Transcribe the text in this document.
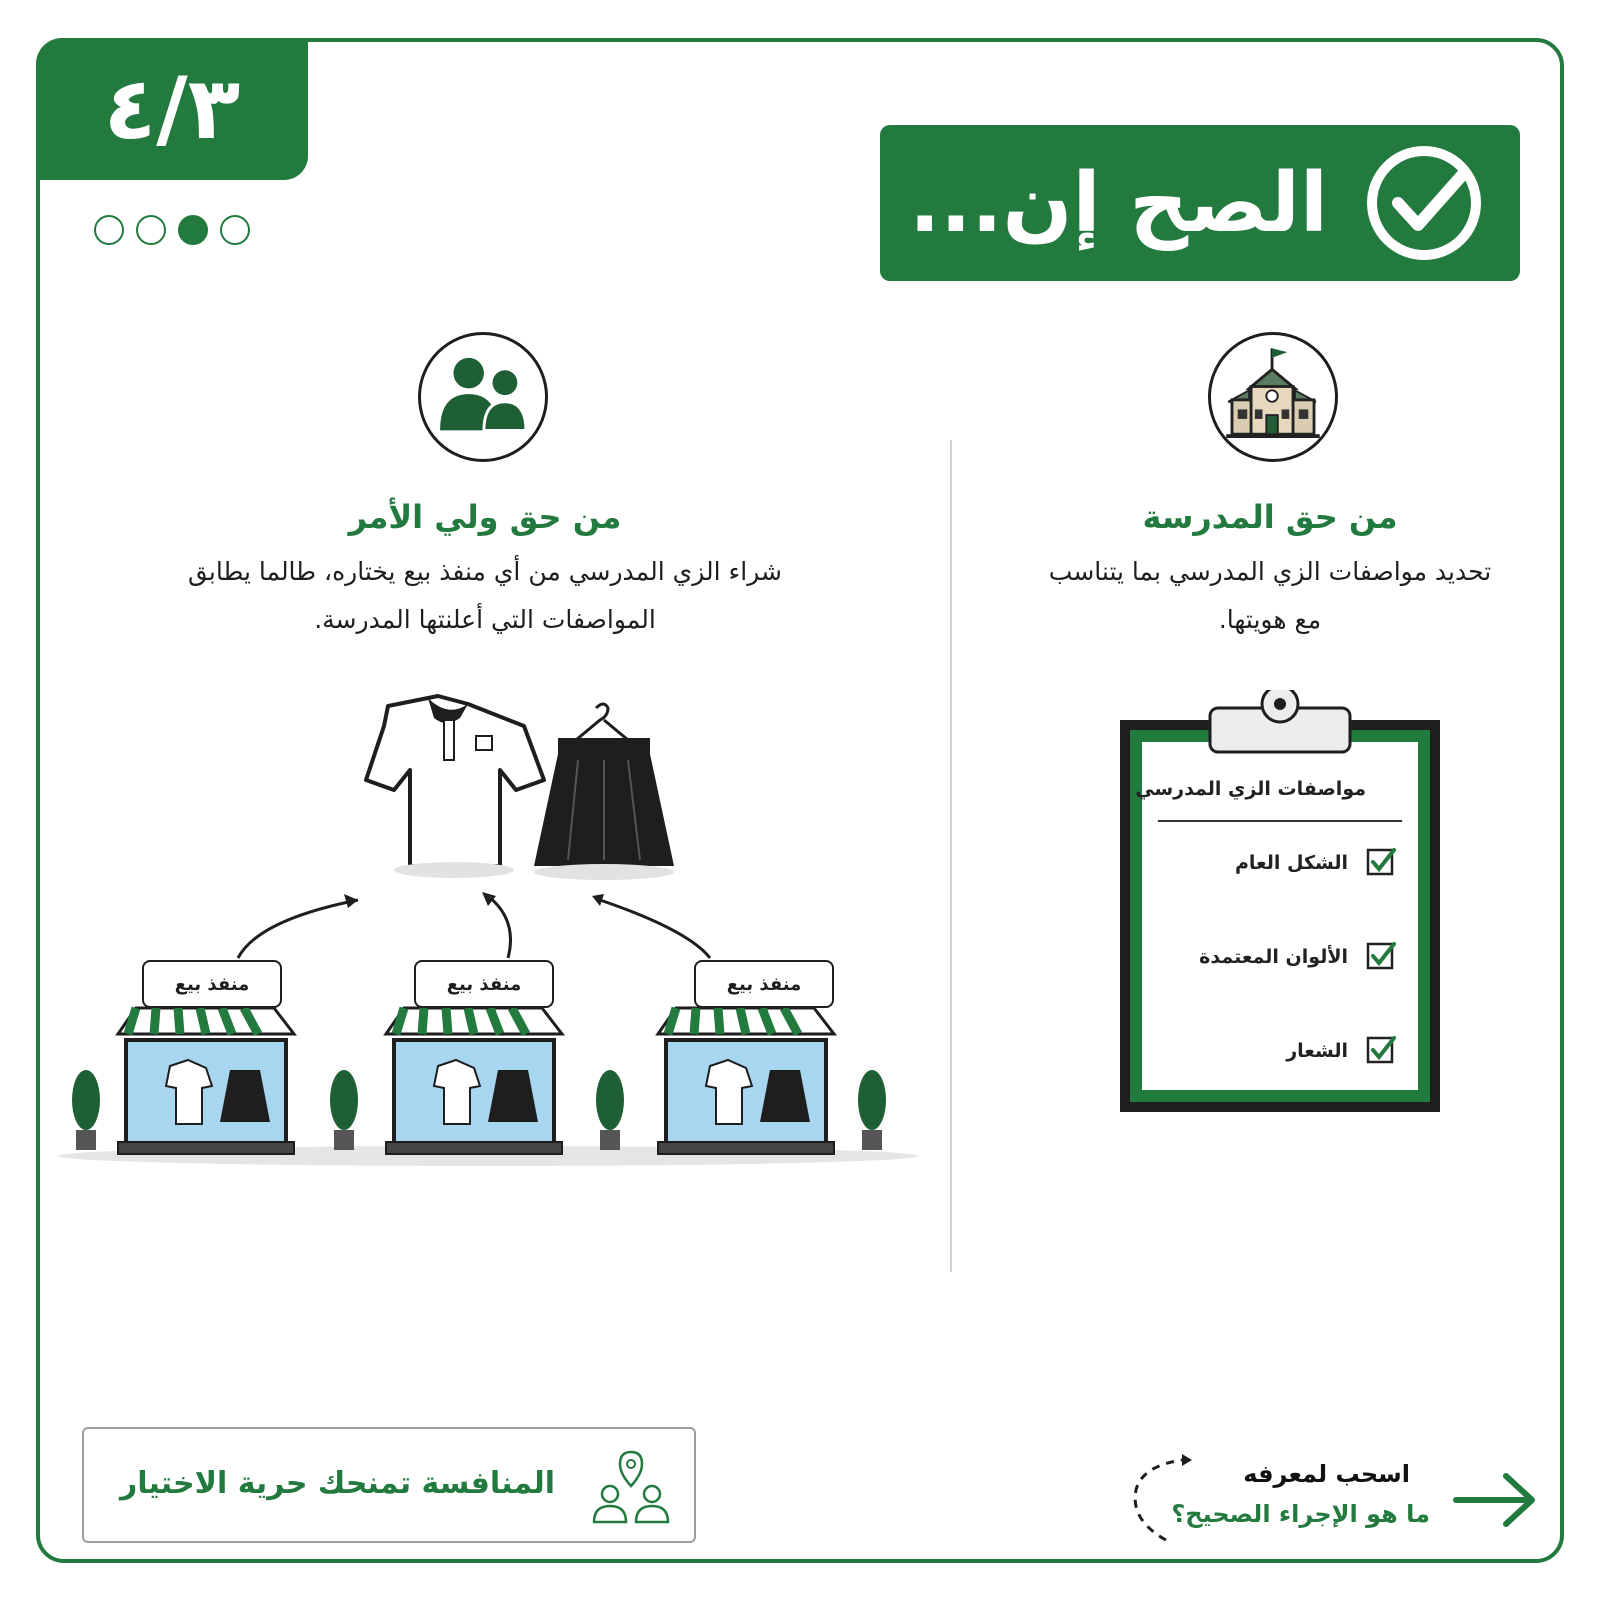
٤/٣
الصح إن...
من حق المدرسة
تحديد مواصفات الزي المدرسي بما يتناسب
مع هويتها.
مواصفات الزي المدرسي
الشكل العام
الألوان المعتمدة
الشعار
من حق ولي الأمر
شراء الزي المدرسي من أي منفذ بيع يختاره، طالما يطابق
المواصفات التي أعلنتها المدرسة.
منفذ بيع	منفذ بيع	منفذ بيع
المنافسة تمنحك حرية الاختيار	اسحب لمعرفه
ما هو الإجراء الصحيح؟
